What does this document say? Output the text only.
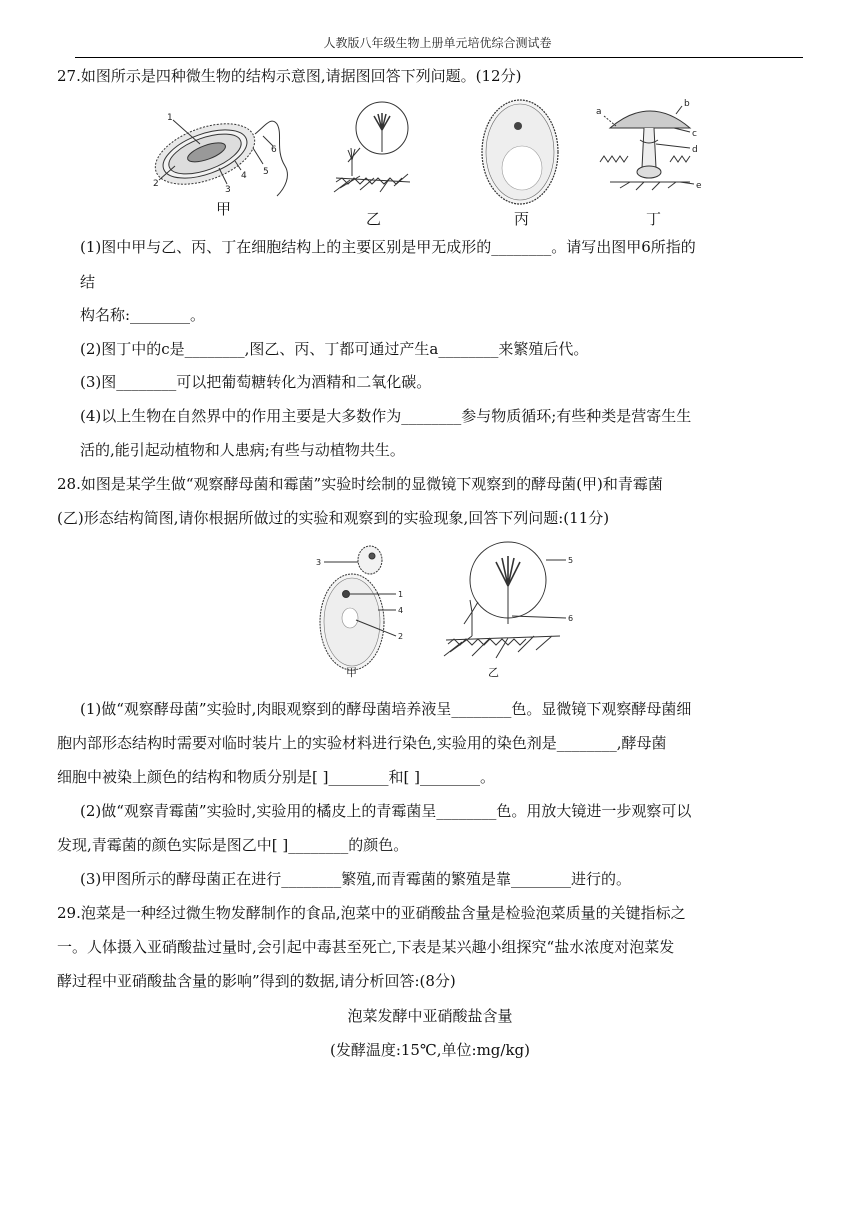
人教版八年级生物上册单元培优综合测试卷
27.如图所示是四种微生物的结构示意图,请据图回答下列问题。(12分)
1
2
3
4 5
6
甲
乙	丙
a
b
c
d
e
丁
(1)图中甲与乙、丙、丁在细胞结构上的主要区别是甲无成形的________。请写出图甲6所指的
结
构名称:________。
(2)图丁中的c是________,图乙、丙、丁都可通过产生a________来繁殖后代。
(3)图________可以把葡萄糖转化为酒精和二氧化碳。
(4)以上生物在自然界中的作用主要是大多数作为________参与物质循环;有些种类是营寄生生
活的,能引起动植物和人患病;有些与动植物共生。
28.如图是某学生做“观察酵母菌和霉菌”实验时绘制的显微镜下观察到的酵母菌(甲)和青霉菌
(乙)形态结构简图,请你根据所做过的实验和观察到的实验现象,回答下列问题:(11分)
3
1
4
2
甲
5
6
乙
(1)做“观察酵母菌”实验时,肉眼观察到的酵母菌培养液呈________色。显微镜下观察酵母菌细
胞内部形态结构时需要对临时装片上的实验材料进行染色,实验用的染色剂是________,酵母菌
细胞中被染上颜色的结构和物质分别是[ ]________和[ ]________。
(2)做“观察青霉菌”实验时,实验用的橘皮上的青霉菌呈________色。用放大镜进一步观察可以
发现,青霉菌的颜色实际是图乙中[ ]________的颜色。
(3)甲图所示的酵母菌正在进行________繁殖,而青霉菌的繁殖是靠________进行的。
29.泡菜是一种经过微生物发酵制作的食品,泡菜中的亚硝酸盐含量是检验泡菜质量的关键指标之
一。人体摄入亚硝酸盐过量时,会引起中毒甚至死亡,下表是某兴趣小组探究“盐水浓度对泡菜发
酵过程中亚硝酸盐含量的影响”得到的数据,请分析回答:(8分)
泡菜发酵中亚硝酸盐含量
(发酵温度:15℃,单位:mg/kg)
